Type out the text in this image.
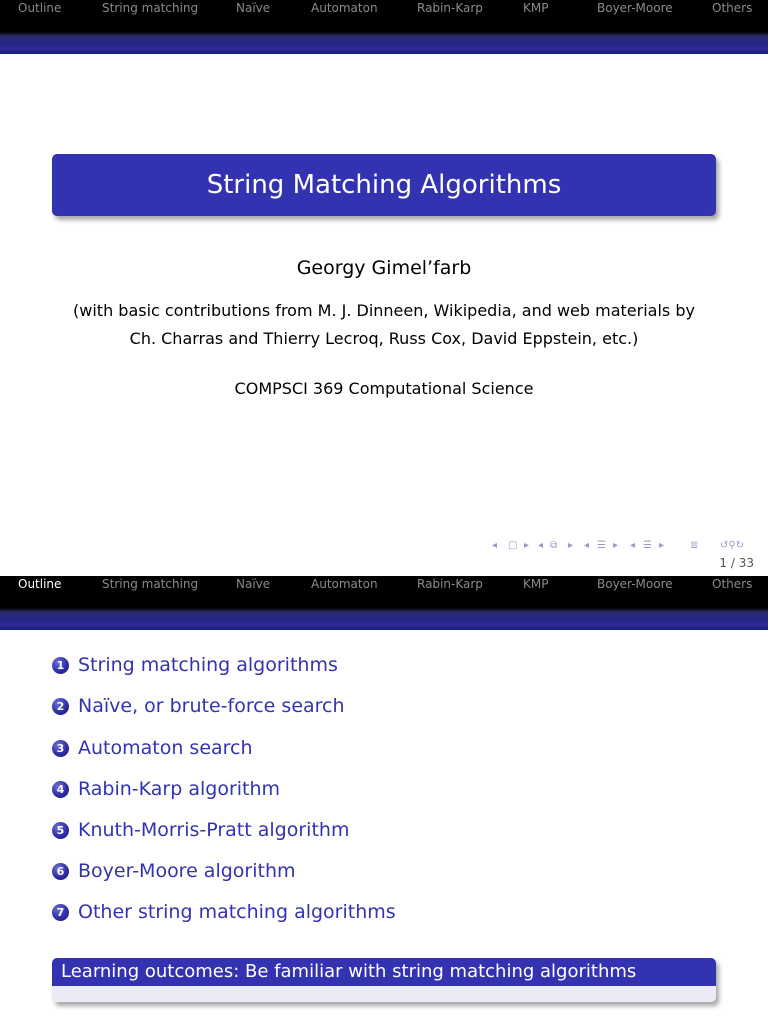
Outline	String matching	Naïve	Automaton	Rabin-Karp	KMP	Boyer-Moore	Others
String Matching Algorithms
Georgy Gimel’farb
(with basic contributions from M. J. Dinneen, Wikipedia, and web materials by
Ch. Charras and Thierry Lecroq, Russ Cox, David Eppstein, etc.)
COMPSCI 369 Computational Science
◂ □ ▸ ◂ ⧉ ▸ ◂ ☰ ▸ ◂ ☰ ▸	≣ ↺⚲↻
1 / 33
Outline	String matching	Naïve	Automaton	Rabin-Karp	KMP	Boyer-Moore	Others
1 String matching algorithms
2 Naïve, or brute-force search
3 Automaton search
4 Rabin-Karp algorithm
5 Knuth-Morris-Pratt algorithm
6 Boyer-Moore algorithm
7 Other string matching algorithms
Learning outcomes: Be familiar with string matching algorithms
